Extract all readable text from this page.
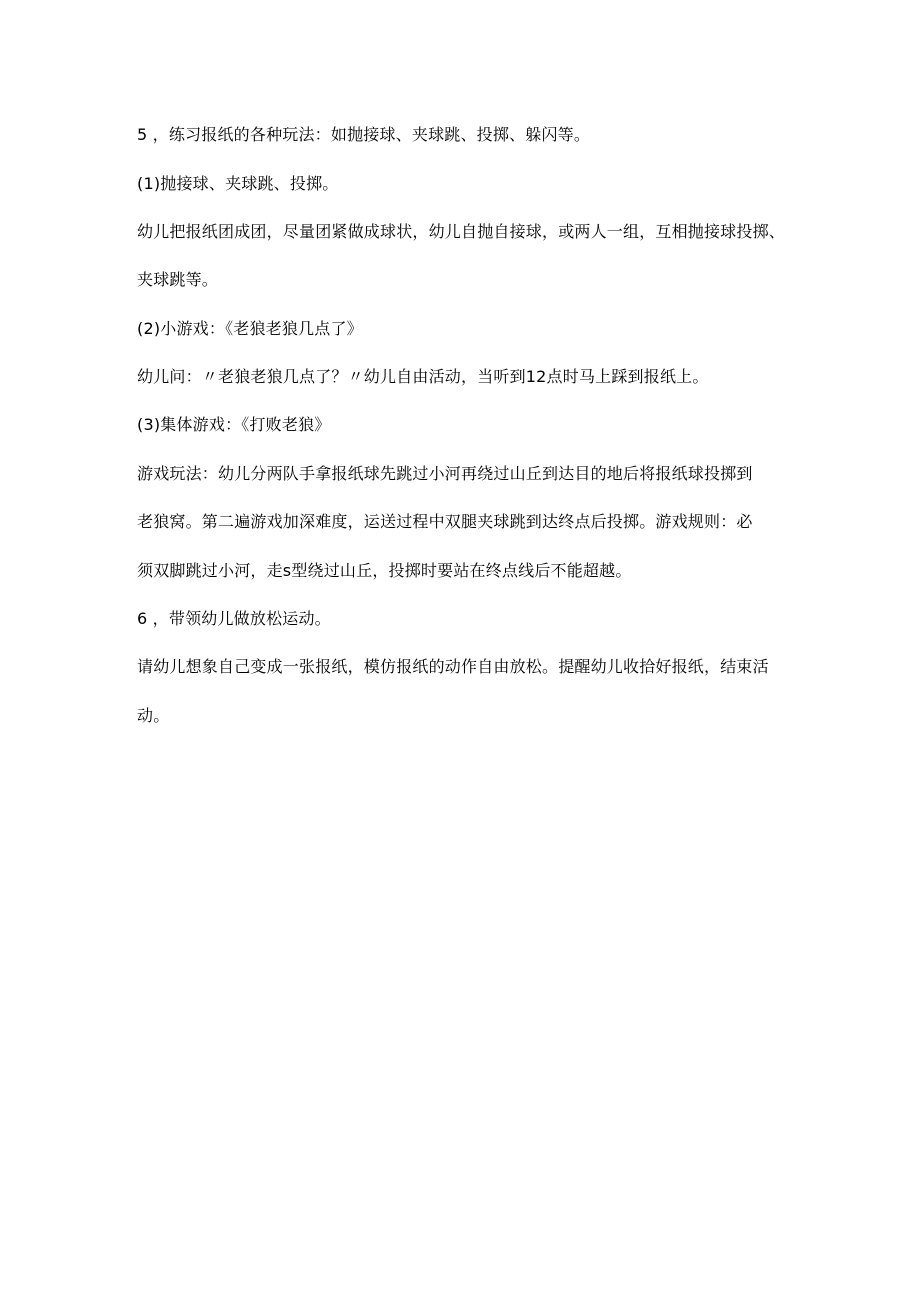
5 ，练习报纸的各种玩法：如抛接球、夹球跳、投掷、躲闪等。
(1)抛接球、夹球跳、投掷。
幼儿把报纸团成团，尽量团紧做成球状，幼儿自抛自接球，或两人一组，互相抛接球投掷、
夹球跳等。
(2)小游戏：《老狼老狼几点了》
幼儿问：〃老狼老狼几点了？〃幼儿自由活动，当听到12点时马上踩到报纸上。
(3)集体游戏：《打败老狼》
游戏玩法：幼儿分两队手拿报纸球先跳过小河再绕过山丘到达目的地后将报纸球投掷到
老狼窝。第二遍游戏加深难度，运送过程中双腿夹球跳到达终点后投掷。游戏规则：必
须双脚跳过小河，走s型绕过山丘，投掷时要站在终点线后不能超越。
6 ，带领幼儿做放松运动。
请幼儿想象自己变成一张报纸，模仿报纸的动作自由放松。提醒幼儿收拾好报纸，结束活
动。
